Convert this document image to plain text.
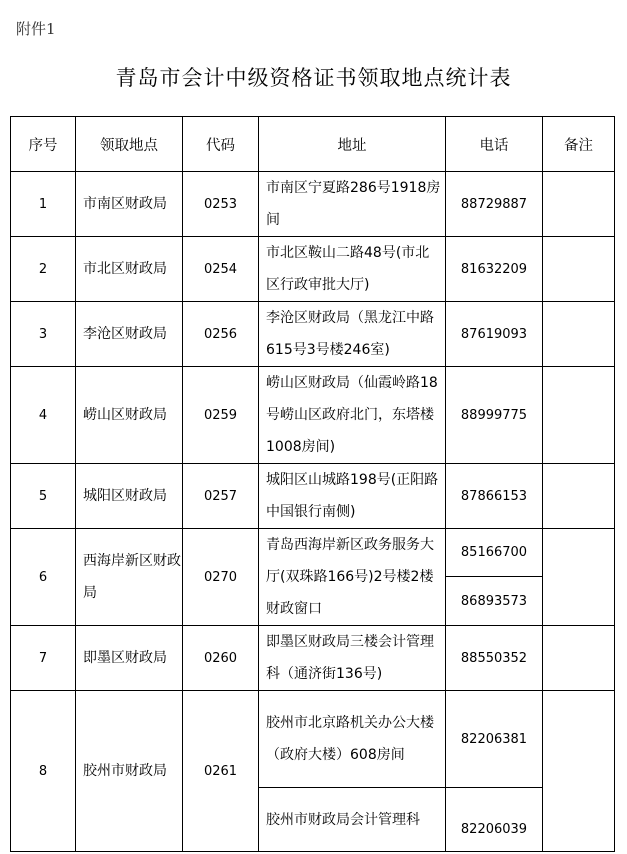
附件1
青岛市会计中级资格证书领取地点统计表
序号	领取地点	代码	地址	电话	备注
1	市南区财政局	0253	市南区宁夏路286号1918房间	88729887	
2	市北区财政局	0254	市北区鞍山二路48号(市北区行政审批大厅)	81632209	
3	李沧区财政局	0256	李沧区财政局（黑龙江中路615号3号楼246室)	87619093	
4	崂山区财政局	0259	崂山区财政局（仙霞岭路18号崂山区政府北门，东塔楼1008房间)	88999775	
5	城阳区财政局	0257	城阳区山城路198号(正阳路中国银行南侧)	87866153	
6	西海岸新区财政局	0270	青岛西海岸新区政务服务大厅(双珠路166号)2号楼2楼财政窗口	85166700	
				86893573	
7	即墨区财政局	0260	即墨区财政局三楼会计管理科（通济街136号)	88550352	
8	胶州市财政局	0261	胶州市北京路机关办公大楼（政府大楼）608房间	82206381	
			胶州市财政局会计管理科	82206039	
